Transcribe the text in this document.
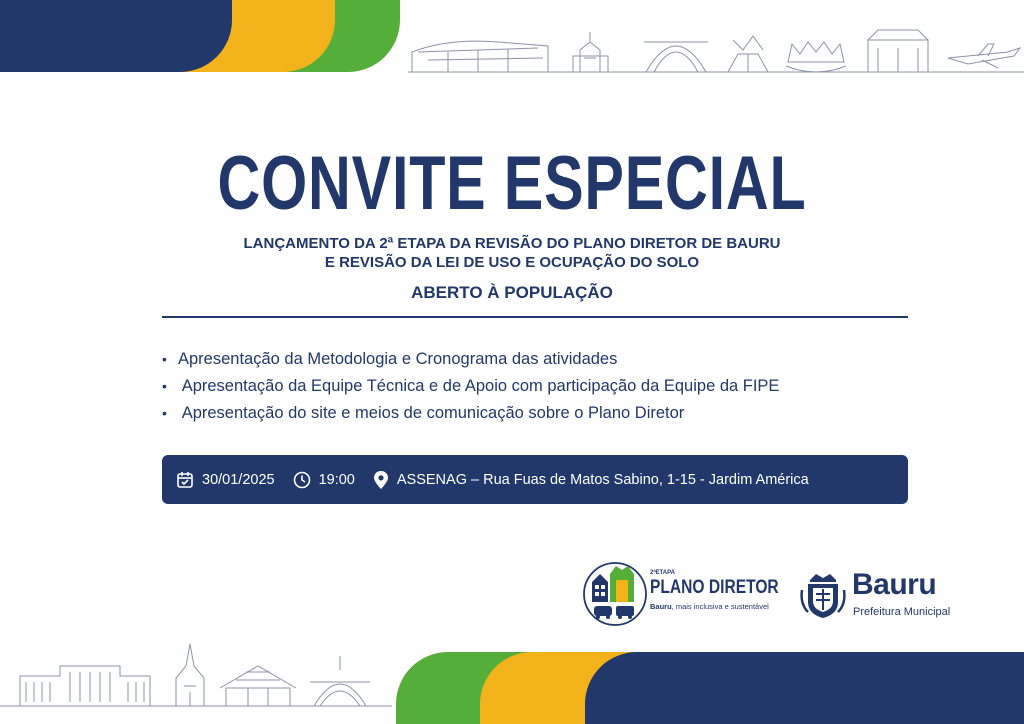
CONVITE ESPECIAL
LANÇAMENTO DA 2ª ETAPA DA REVISÃO DO PLANO DIRETOR DE BAURU
E REVISÃO DA LEI DE USO E OCUPAÇÃO DO SOLO
ABERTO À POPULAÇÃO
• Apresentação da Metodologia e Cronograma das atividades
• Apresentação da Equipe Técnica e de Apoio com participação da Equipe da FIPE
• Apresentação do site e meios de comunicação sobre o Plano Diretor
30/01/2025	19:00	ASSENAG – Rua Fuas de Matos Sabino, 1-15 - Jardim América
2ªETAPA
PLANO DIRETOR
Bauru, mais inclusiva e sustentável
Bauru
Prefeitura Municipal
